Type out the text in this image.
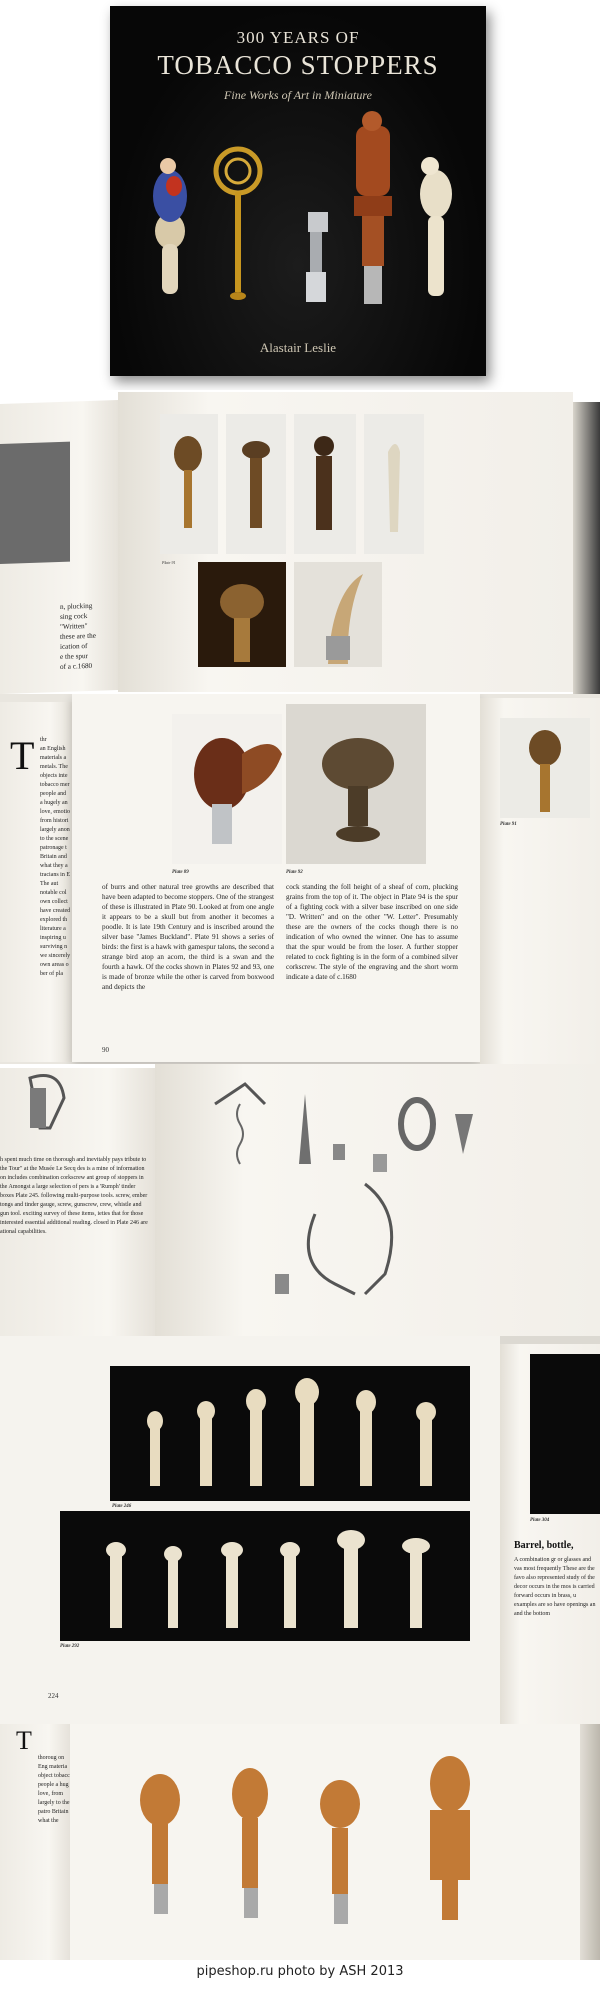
300 YEARS OF
TOBACCO STOPPERS
Fine Works of Art in Miniature
Alastair Leslie
n, plucking
sing cock
"Written"
these are the
ication of
e the spur
of a c.1680
Plate 91
T thr
an English
materials a
metals. The
objects inte
tobacco mer
people and
a hugely an
love, emotio
from histori
largely anon
to the scene
patronage t
Britain and
what they a
tracians in E
The aut
notable col
own collect
have created
explored th
literature a
inspiring u
surviving n
we sincerely
own areas o
ber of pla
Plate 89	Plate 92
of burrs and other natural tree growths are described that have been adapted to become stoppers. One of the strangest of these is illustrated in Plate 90. Looked at from one angle it appears to be a skull but from another it becomes a poodle. It is late 19th Century and is inscribed around the silver base "James Buckland". Plate 91 shows a series of birds: the first is a hawk with gamespur talons, the second a strange bird atop an acorn, the third is a swan and the fourth a hawk. Of the cocks shown in Plates 92 and 93, one is made of bronze while the other is carved from boxwood and depicts the
cock standing the foll height of a sheaf of corn, plucking grains from the top of it. The object in Plate 94 is the spur of a fighting cock with a silver base inscribed on one side "D. Written" and on the other "W. Letter". Presumably these are the owners of the cocks though there is no indication of who owned the winner. One has to assume that the spur would be from the loser. A further stopper related to cock fighting is in the form of a combined silver corkscrew. The style of the engraving and the short worm indicate a date of c.1680
90
Plate 91
h spent much time on thorough and inevitably pays tribute to the Tour" at the Musée Le Secq des is a mine of information on includes combination corkscrew ant group of stoppers in the Amongst a large selection of pers is a 'Rumph' tinder boxes Plate 245. following multi-purpose tools. screw, ember tongs and tinder gauge, screw, gunscrew, crew, whistle and gun tool. exciting survey of these items, ieties that for those interested essential additional reading. closed in Plate 246 are ational capabilities.
Plate 246
Plate 292
224
Plate 304
Barrel, bottle,
A combination gr or glasses and vas most frequently These are the favo also represented study of the decor occurs in the mos is carried forward occurs in brass, u examples are so have openings an and the bottom
T
thoroug on Eng materia object tobacc people a hug love, from largely to the patro Britain what the
pipeshop.ru photo by ASH 2013
